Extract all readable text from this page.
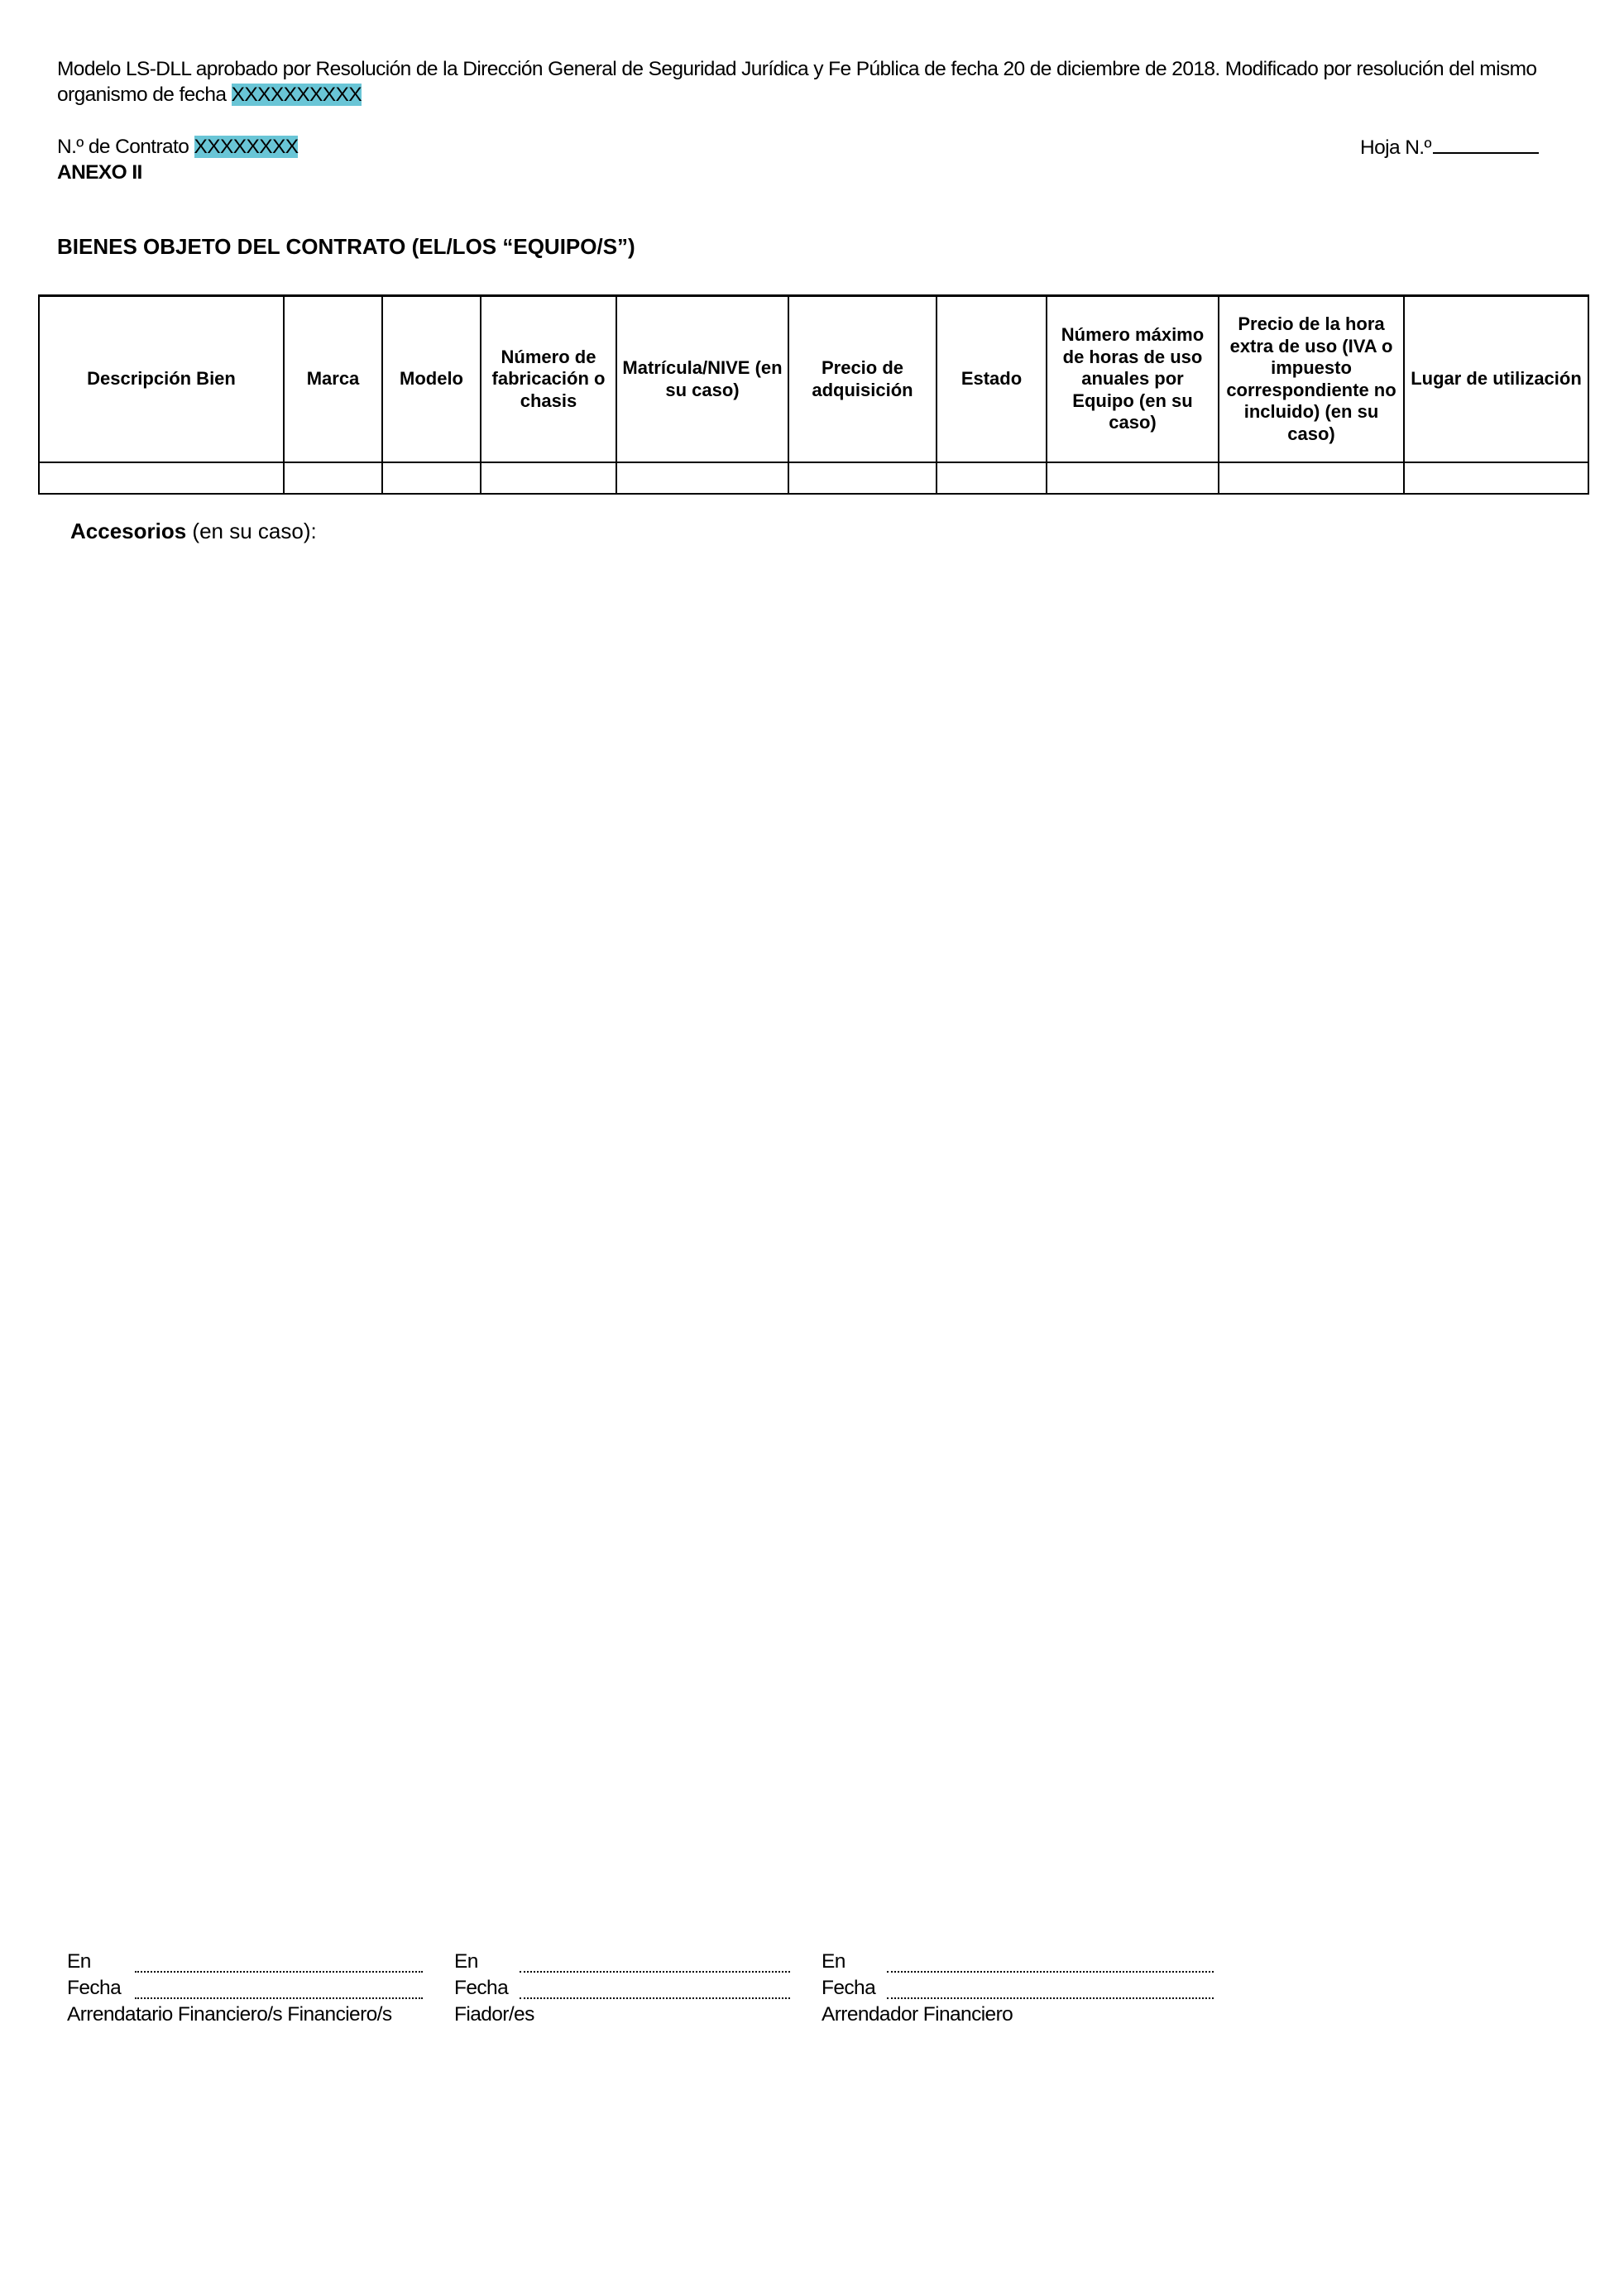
Modelo LS-DLL aprobado por Resolución de la Dirección General de Seguridad Jurídica y Fe Pública de fecha 20 de diciembre de 2018. Modificado por resolución del mismo organismo de fecha XXXXXXXXXX
N.º de Contrato XXXXXXXX	Hoja N.º
ANEXO II
BIENES OBJETO DEL CONTRATO (EL/LOS “EQUIPO/S”)
Descripción Bien	Marca	Modelo	Número de fabricación o chasis	Matrícula/NIVE (en su caso)	Precio de adquisición	Estado	Número máximo de horas de uso anuales por Equipo (en su caso)	Precio de la hora extra de uso (IVA o impuesto correspondiente no incluido) (en su caso)	Lugar de utilización

Accesorios (en su caso):
En
Fecha
Arrendatario Financiero/s Financiero/s
En
Fecha
Fiador/es
En
Fecha
Arrendador Financiero
